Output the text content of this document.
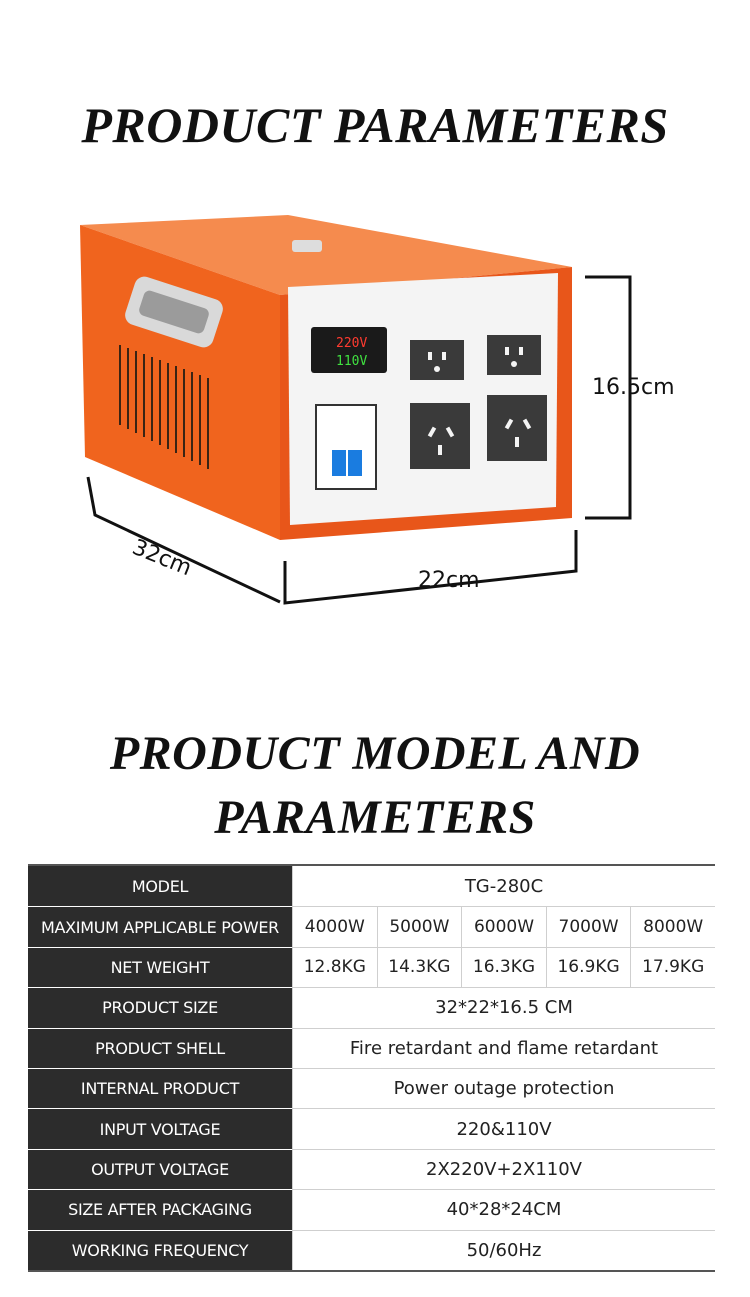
PRODUCT PARAMETERS
220V
110V
16.5cm
22cm
32cm
PRODUCT MODEL AND
PARAMETERS
MODEL	TG-280C
MAXIMUM APPLICABLE POWER	4000W	5000W	6000W	7000W	8000W
NET WEIGHT	12.8KG	14.3KG	16.3KG	16.9KG	17.9KG
PRODUCT SIZE	32*22*16.5 CM
PRODUCT SHELL	Fire retardant and flame retardant
INTERNAL PRODUCT	Power outage protection
INPUT VOLTAGE	220&110V
OUTPUT VOLTAGE	2X220V+2X110V
SIZE AFTER PACKAGING	40*28*24CM
WORKING FREQUENCY	50/60Hz
